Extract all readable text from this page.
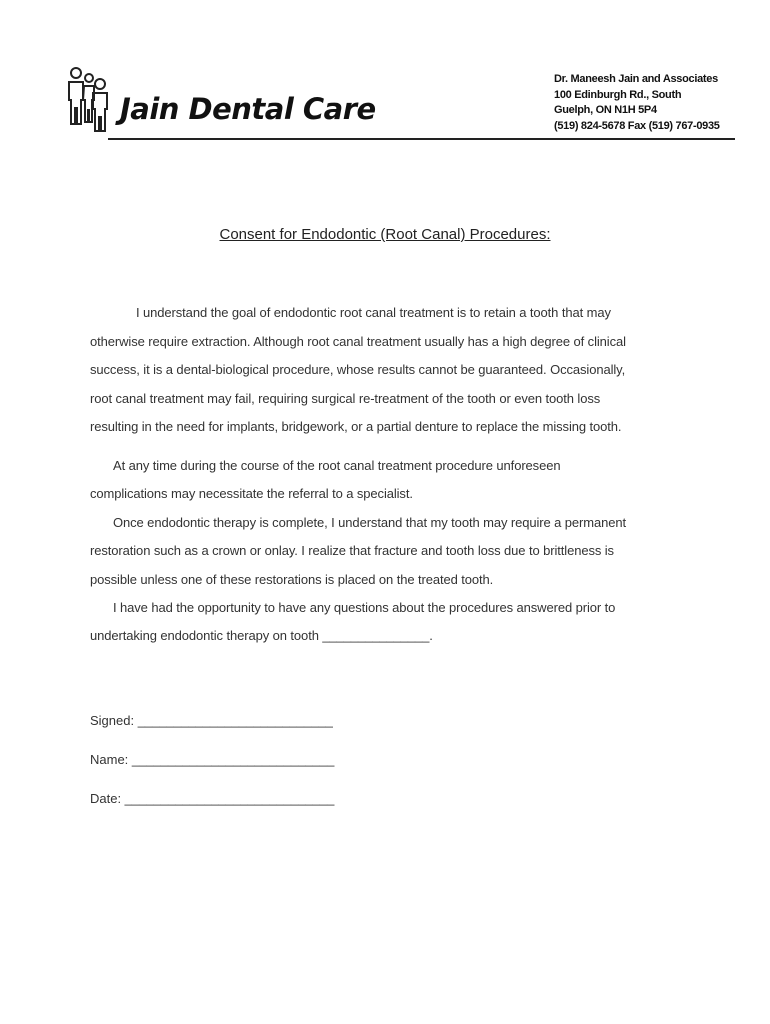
Jain Dental Care
Dr. Maneesh Jain and Associates
100 Edinburgh Rd., South
Guelph, ON N1H 5P4
(519) 824-5678 Fax (519) 767-0935
Consent for Endodontic (Root Canal) Procedures:
I understand the goal of endodontic root canal treatment is to retain a tooth that may
otherwise require extraction. Although root canal treatment usually has a high degree of clinical
success, it is a dental-biological procedure, whose results cannot be guaranteed. Occasionally,
root canal treatment may fail, requiring surgical re-treatment of the tooth or even tooth loss
resulting in the need for implants, bridgework, or a partial denture to replace the missing tooth.
At any time during the course of the root canal treatment procedure unforeseen
complications may necessitate the referral to a specialist.
Once endodontic therapy is complete, I understand that my tooth may require a permanent
restoration such as a crown or onlay. I realize that fracture and tooth loss due to brittleness is
possible unless one of these restorations is placed on the treated tooth.
I have had the opportunity to have any questions about the procedures answered prior to
undertaking endodontic therapy on tooth _______________.
Signed: ___________________________
Name: ____________________________
Date: _____________________________
